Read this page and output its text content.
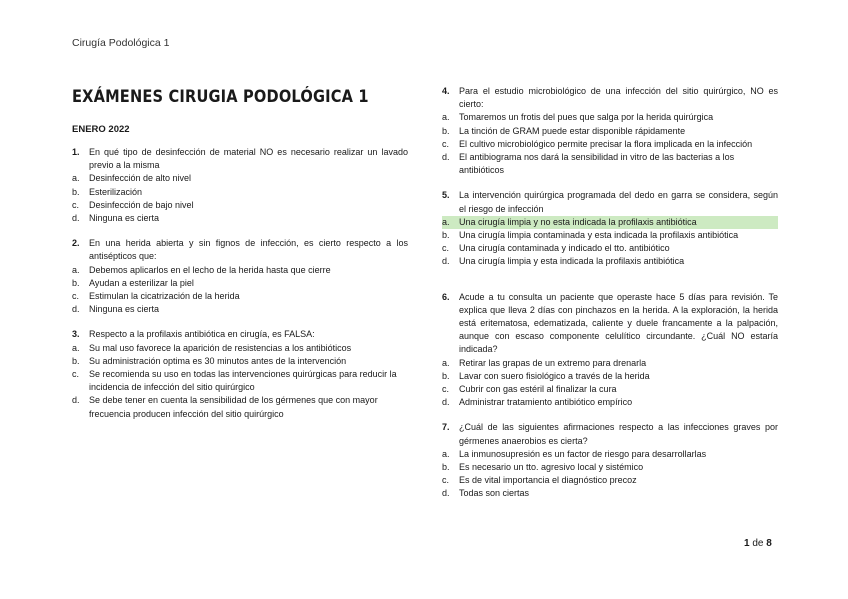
Cirugía Podológica 1
EXÁMENES CIRUGIA PODOLÓGICA 1
ENERO 2022
1.	En qué tipo de desinfección de material NO es necesario realizar un lavado previo a la misma
a.	Desinfección de alto nivel
b.	Esterilización
c.	Desinfección de bajo nivel
d.	Ninguna es cierta
2.	En una herida abierta y sin fignos de infección, es cierto respecto a los antisépticos que:
a.	Debemos aplicarlos en el lecho de la herida hasta que cierre
b.	Ayudan a esterilizar la piel
c.	Estimulan la cicatrización de la herida
d.	Ninguna es cierta
3.	Respecto a la profilaxis antibiótica en cirugía, es FALSA:
a.	Su mal uso favorece la aparición de resistencias a los antibióticos
b.	Su administración optima es 30 minutos antes de la intervención
c.	Se recomienda su uso en todas las intervenciones quirúrgicas para reducir la incidencia de infección del sitio quirúrgico
d.	Se debe tener en cuenta la sensibilidad de los gérmenes que con mayor frecuencia producen infección del sitio quirúrgico
4.	Para el estudio microbiológico de una infección del sitio quirúrgico, NO es cierto:
a.	Tomaremos un frotis del pues que salga por la herida quirúrgica
b.	La tinción de GRAM puede estar disponible rápidamente
c.	El cultivo microbiológico permite precisar la flora implicada en la infección
d.	El antibiograma nos dará la sensibilidad in vitro de las bacterias a los antibióticos
5.	La intervención quirúrgica programada del dedo en garra se considera, según el riesgo de infección
a.	Una cirugía limpia y no esta indicada la profilaxis antibiótica
b.	Una cirugía limpia contaminada y esta indicada la profilaxis antibiótica
c.	Una cirugía contaminada y indicado el tto. antibiótico
d.	Una cirugía limpia y esta indicada la profilaxis antibiótica
6.	Acude a tu consulta un paciente que operaste hace 5 días para revisión. Te explica que lleva 2 días con pinchazos en la herida. A la exploración, la herida está eritematosa, edematizada, caliente y duele francamente a la palpación, aunque con escaso componente celulítico circundante. ¿Cuál NO estaría indicada?
a.	Retirar las grapas de un extremo para drenarla
b.	Lavar con suero fisiológico a través de la herida
c.	Cubrir con gas estéril al finalizar la cura
d.	Administrar tratamiento antibiótico empírico
7.	¿Cuál de las siguientes afirmaciones respecto a las infecciones graves por gérmenes anaerobios es cierta?
a.	La inmunosupresión es un factor de riesgo para desarrollarlas
b.	Es necesario un tto. agresivo local y sistémico
c.	Es de vital importancia el diagnóstico precoz
d.	Todas son ciertas
1 de 8
